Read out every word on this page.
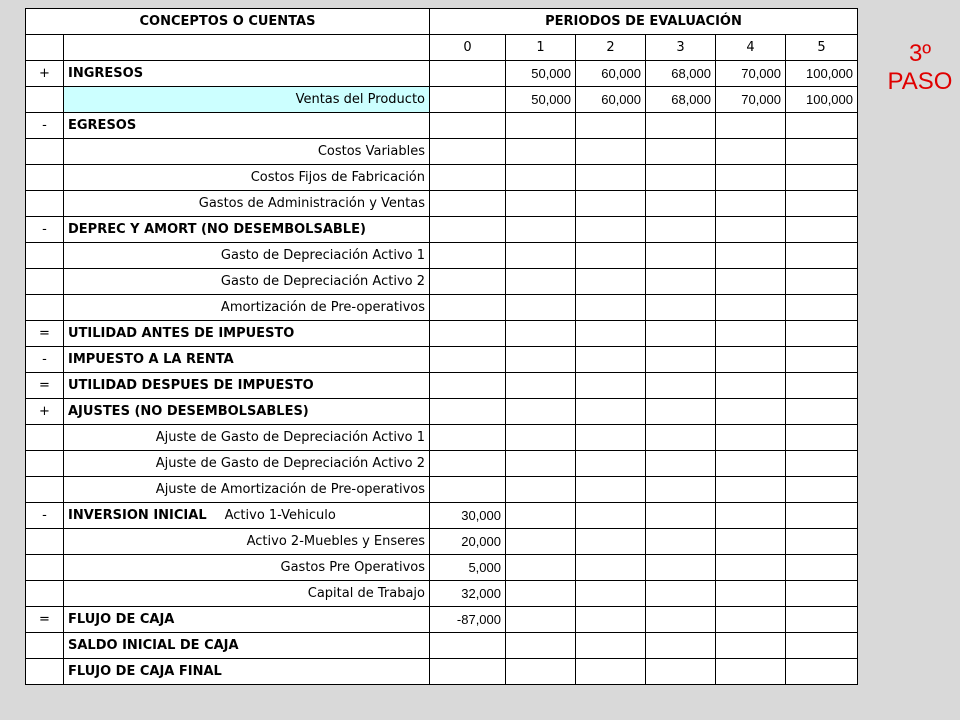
CONCEPTOS O CUENTAS		PERIODOS DE EVALUACIÓN					
		0	1	2	3	4	5
+	INGRESOS		50,000	60,000	68,000	70,000	100,000
	Ventas del Producto		50,000	60,000	68,000	70,000	100,000
-	EGRESOS						
	Costos Variables						
	Costos Fijos de Fabricación						
	Gastos de Administración y Ventas						
-	DEPREC Y AMORT (NO DESEMBOLSABLE)						
	Gasto de Depreciación Activo 1						
	Gasto de Depreciación Activo 2						
	Amortización de Pre-operativos						
=	UTILIDAD ANTES DE IMPUESTO						
-	IMPUESTO A LA RENTA						
=	UTILIDAD DESPUES DE IMPUESTO						
+	AJUSTES (NO DESEMBOLSABLES)						
	Ajuste de Gasto de Depreciación Activo 1						
	Ajuste de Gasto de Depreciación Activo 2						
	Ajuste de Amortización de Pre-operativos						
-	INVERSION INICIAL Activo 1-Vehiculo	30,000					
	Activo 2-Muebles y Enseres	20,000					
	Gastos Pre Operativos	5,000					
	Capital de Trabajo	32,000					
=	FLUJO DE CAJA	-87,000					
	SALDO INICIAL DE CAJA						
	FLUJO DE CAJA FINAL						
3º
PASO
